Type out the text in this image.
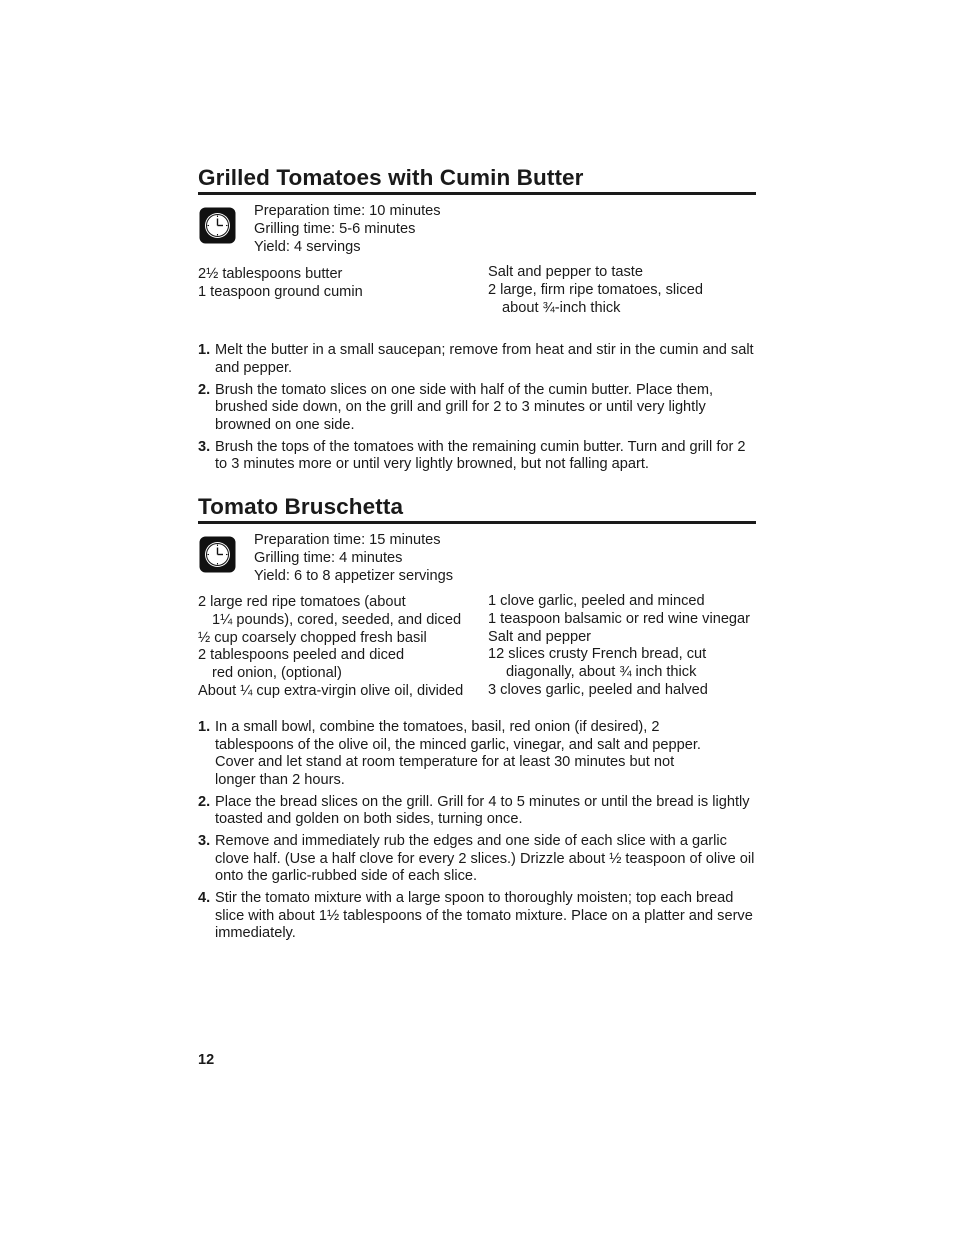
Grilled Tomatoes with Cumin Butter
Preparation time: 10 minutes
Grilling time: 5-6 minutes
Yield: 4 servings
2½ tablespoons butter
1 teaspoon ground cumin
Salt and pepper to taste
2 large, firm ripe tomatoes, sliced
about ¾-inch thick
1. Melt the butter in a small saucepan; remove from heat and stir in the cumin and salt and pepper.
2. Brush the tomato slices on one side with half of the cumin butter. Place them, brushed side down, on the grill and grill for 2 to 3 minutes or until very lightly browned on one side.
3. Brush the tops of the tomatoes with the remaining cumin butter. Turn and grill for 2 to 3 minutes more or until very lightly browned, but not falling apart.
Tomato Bruschetta
Preparation time: 15 minutes
Grilling time: 4 minutes
Yield: 6 to 8 appetizer servings
2 large red ripe tomatoes (about
1¼ pounds), cored, seeded, and diced
½ cup coarsely chopped fresh basil
2 tablespoons peeled and diced
red onion, (optional)
About ¼ cup extra-virgin olive oil, divided
1 clove garlic, peeled and minced
1 teaspoon balsamic or red wine vinegar
Salt and pepper
12 slices crusty French bread, cut
diagonally, about ¾ inch thick
3 cloves garlic, peeled and halved
1. In a small bowl, combine the tomatoes, basil, red onion (if desired), 2 tablespoons of the olive oil, the minced garlic, vinegar, and salt and pepper. Cover and let stand at room temperature for at least 30 minutes but not longer than 2 hours.
2. Place the bread slices on the grill. Grill for 4 to 5 minutes or until the bread is lightly toasted and golden on both sides, turning once.
3. Remove and immediately rub the edges and one side of each slice with a garlic clove half. (Use a half clove for every 2 slices.) Drizzle about ½ teaspoon of olive oil onto the garlic-rubbed side of each slice.
4. Stir the tomato mixture with a large spoon to thoroughly moisten; top each bread slice with about 1½ tablespoons of the tomato mixture. Place on a platter and serve immediately.
12
